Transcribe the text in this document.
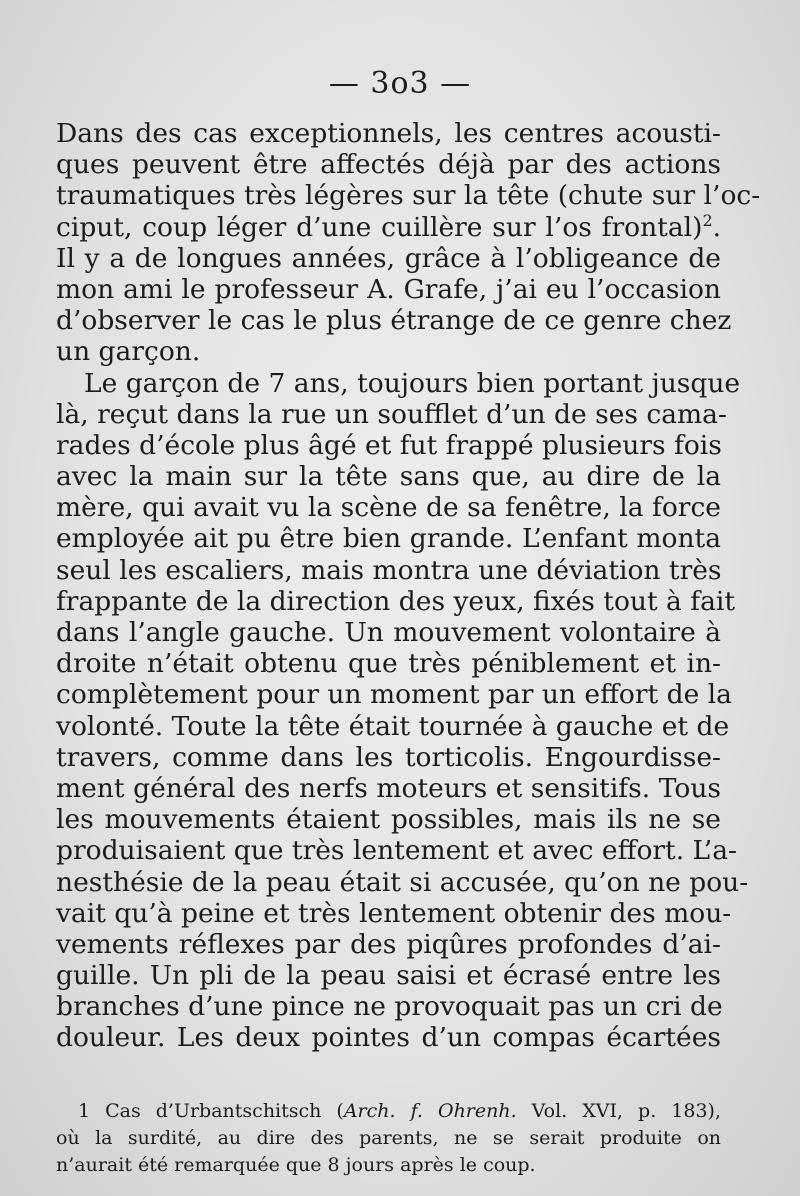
— 3o3 —
Dans des cas exceptionnels, les centres acousti-
ques peuvent être affectés déjà par des actions
traumatiques très légères sur la tête (chute sur l’oc-
ciput, coup léger d’une cuillère sur l’os frontal)$^2$.
Il y a de longues années, grâce à l’obligeance de
mon ami le professeur A. Grafe, j’ai eu l’occasion
d’observer le cas le plus étrange de ce genre chez
un garçon.
Le garçon de 7 ans, toujours bien portant jusque
là, reçut dans la rue un soufflet d’un de ses cama-
rades d’école plus âgé et fut frappé plusieurs fois
avec la main sur la tête sans que, au dire de la
mère, qui avait vu la scène de sa fenêtre, la force
employée ait pu être bien grande. L’enfant monta
seul les escaliers, mais montra une déviation très
frappante de la direction des yeux, fixés tout à fait
dans l’angle gauche. Un mouvement volontaire à
droite n’était obtenu que très péniblement et in-
complètement pour un moment par un effort de la
volonté. Toute la tête était tournée à gauche et de
travers, comme dans les torticolis. Engourdisse-
ment général des nerfs moteurs et sensitifs. Tous
les mouvements étaient possibles, mais ils ne se
produisaient que très lentement et avec effort. L’a-
nesthésie de la peau était si accusée, qu’on ne pou-
vait qu’à peine et très lentement obtenir des mou-
vements réflexes par des piqûres profondes d’ai-
guille. Un pli de la peau saisi et écrasé entre les
branches d’une pince ne provoquait pas un cri de
douleur. Les deux pointes d’un compas écartées
1 Cas d’Urbantschitsch (Arch. f. Ohrenh. Vol. XVI, p. 183),
où la surdité, au dire des parents, ne se serait produite on
n’aurait été remarquée que 8 jours après le coup.
